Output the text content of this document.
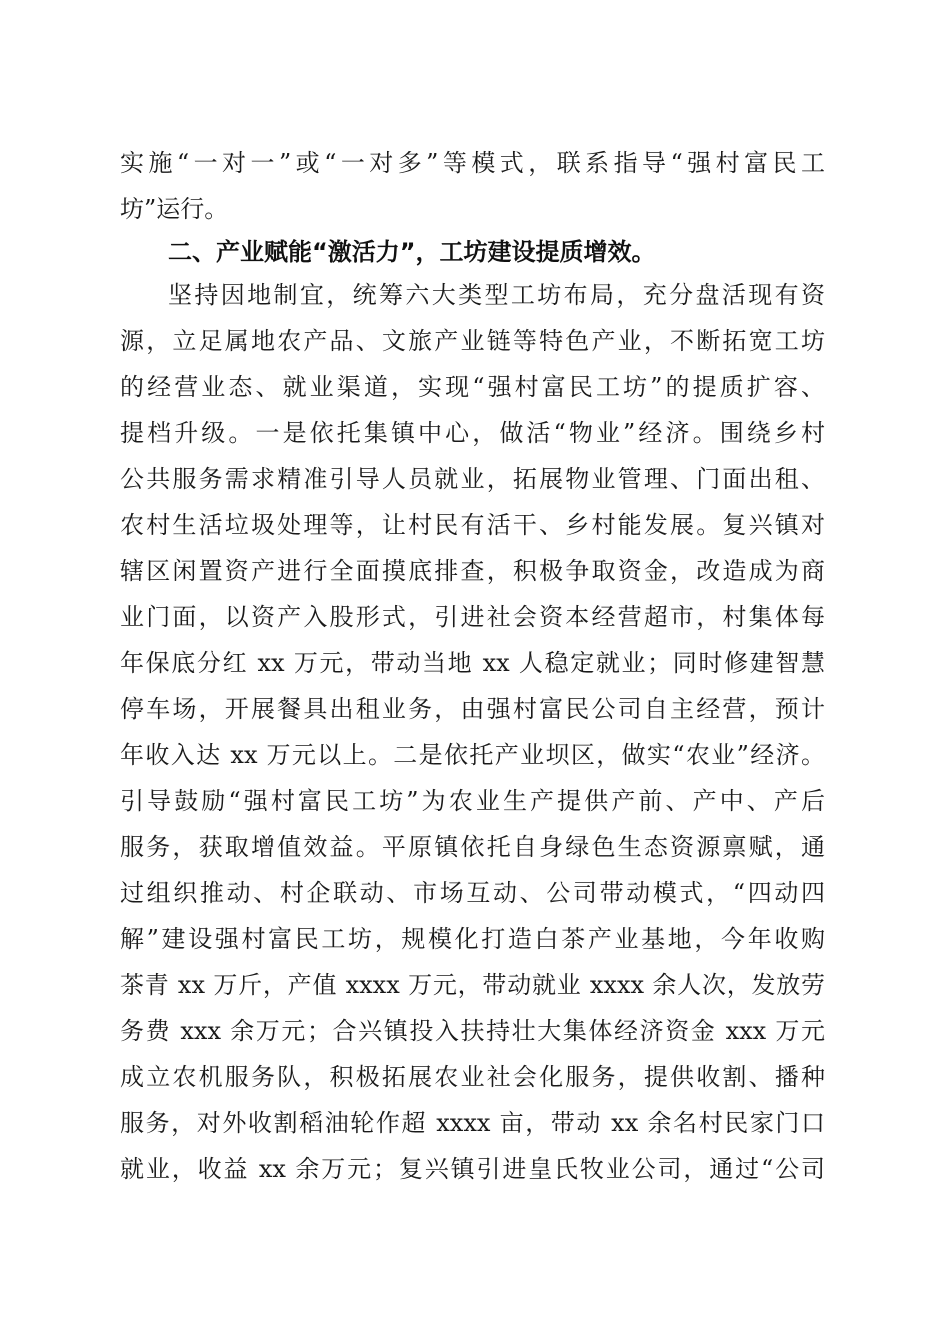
实施“一对一”或“一对多”等模式，联系指导“强村富民工
坊”运行。
二、产业赋能“激活力”，工坊建设提质增效。
坚持因地制宜，统筹六大类型工坊布局，充分盘活现有资
源，立足属地农产品、文旅产业链等特色产业，不断拓宽工坊
的经营业态、就业渠道，实现“强村富民工坊”的提质扩容、
提档升级。一是依托集镇中心，做活“物业”经济。围绕乡村
公共服务需求精准引导人员就业，拓展物业管理、门面出租、
农村生活垃圾处理等，让村民有活干、乡村能发展。复兴镇对
辖区闲置资产进行全面摸底排查，积极争取资金，改造成为商
业门面，以资产入股形式，引进社会资本经营超市，村集体每
年保底分红 xx 万元，带动当地 xx 人稳定就业；同时修建智慧
停车场，开展餐具出租业务，由强村富民公司自主经营，预计
年收入达 xx 万元以上。二是依托产业坝区，做实“农业”经济。
引导鼓励“强村富民工坊”为农业生产提供产前、产中、产后
服务，获取增值效益。平原镇依托自身绿色生态资源禀赋，通
过组织推动、村企联动、市场互动、公司带动模式，“四动四
解”建设强村富民工坊，规模化打造白茶产业基地，今年收购
茶青 xx 万斤，产值 xxxx 万元，带动就业 xxxx 余人次，发放劳
务费 xxx 余万元；合兴镇投入扶持壮大集体经济资金 xxx 万元
成立农机服务队，积极拓展农业社会化服务，提供收割、播种
服务，对外收割稻油轮作超 xxxx 亩，带动 xx 余名村民家门口
就业，收益 xx 余万元；复兴镇引进皇氏牧业公司，通过“公司
